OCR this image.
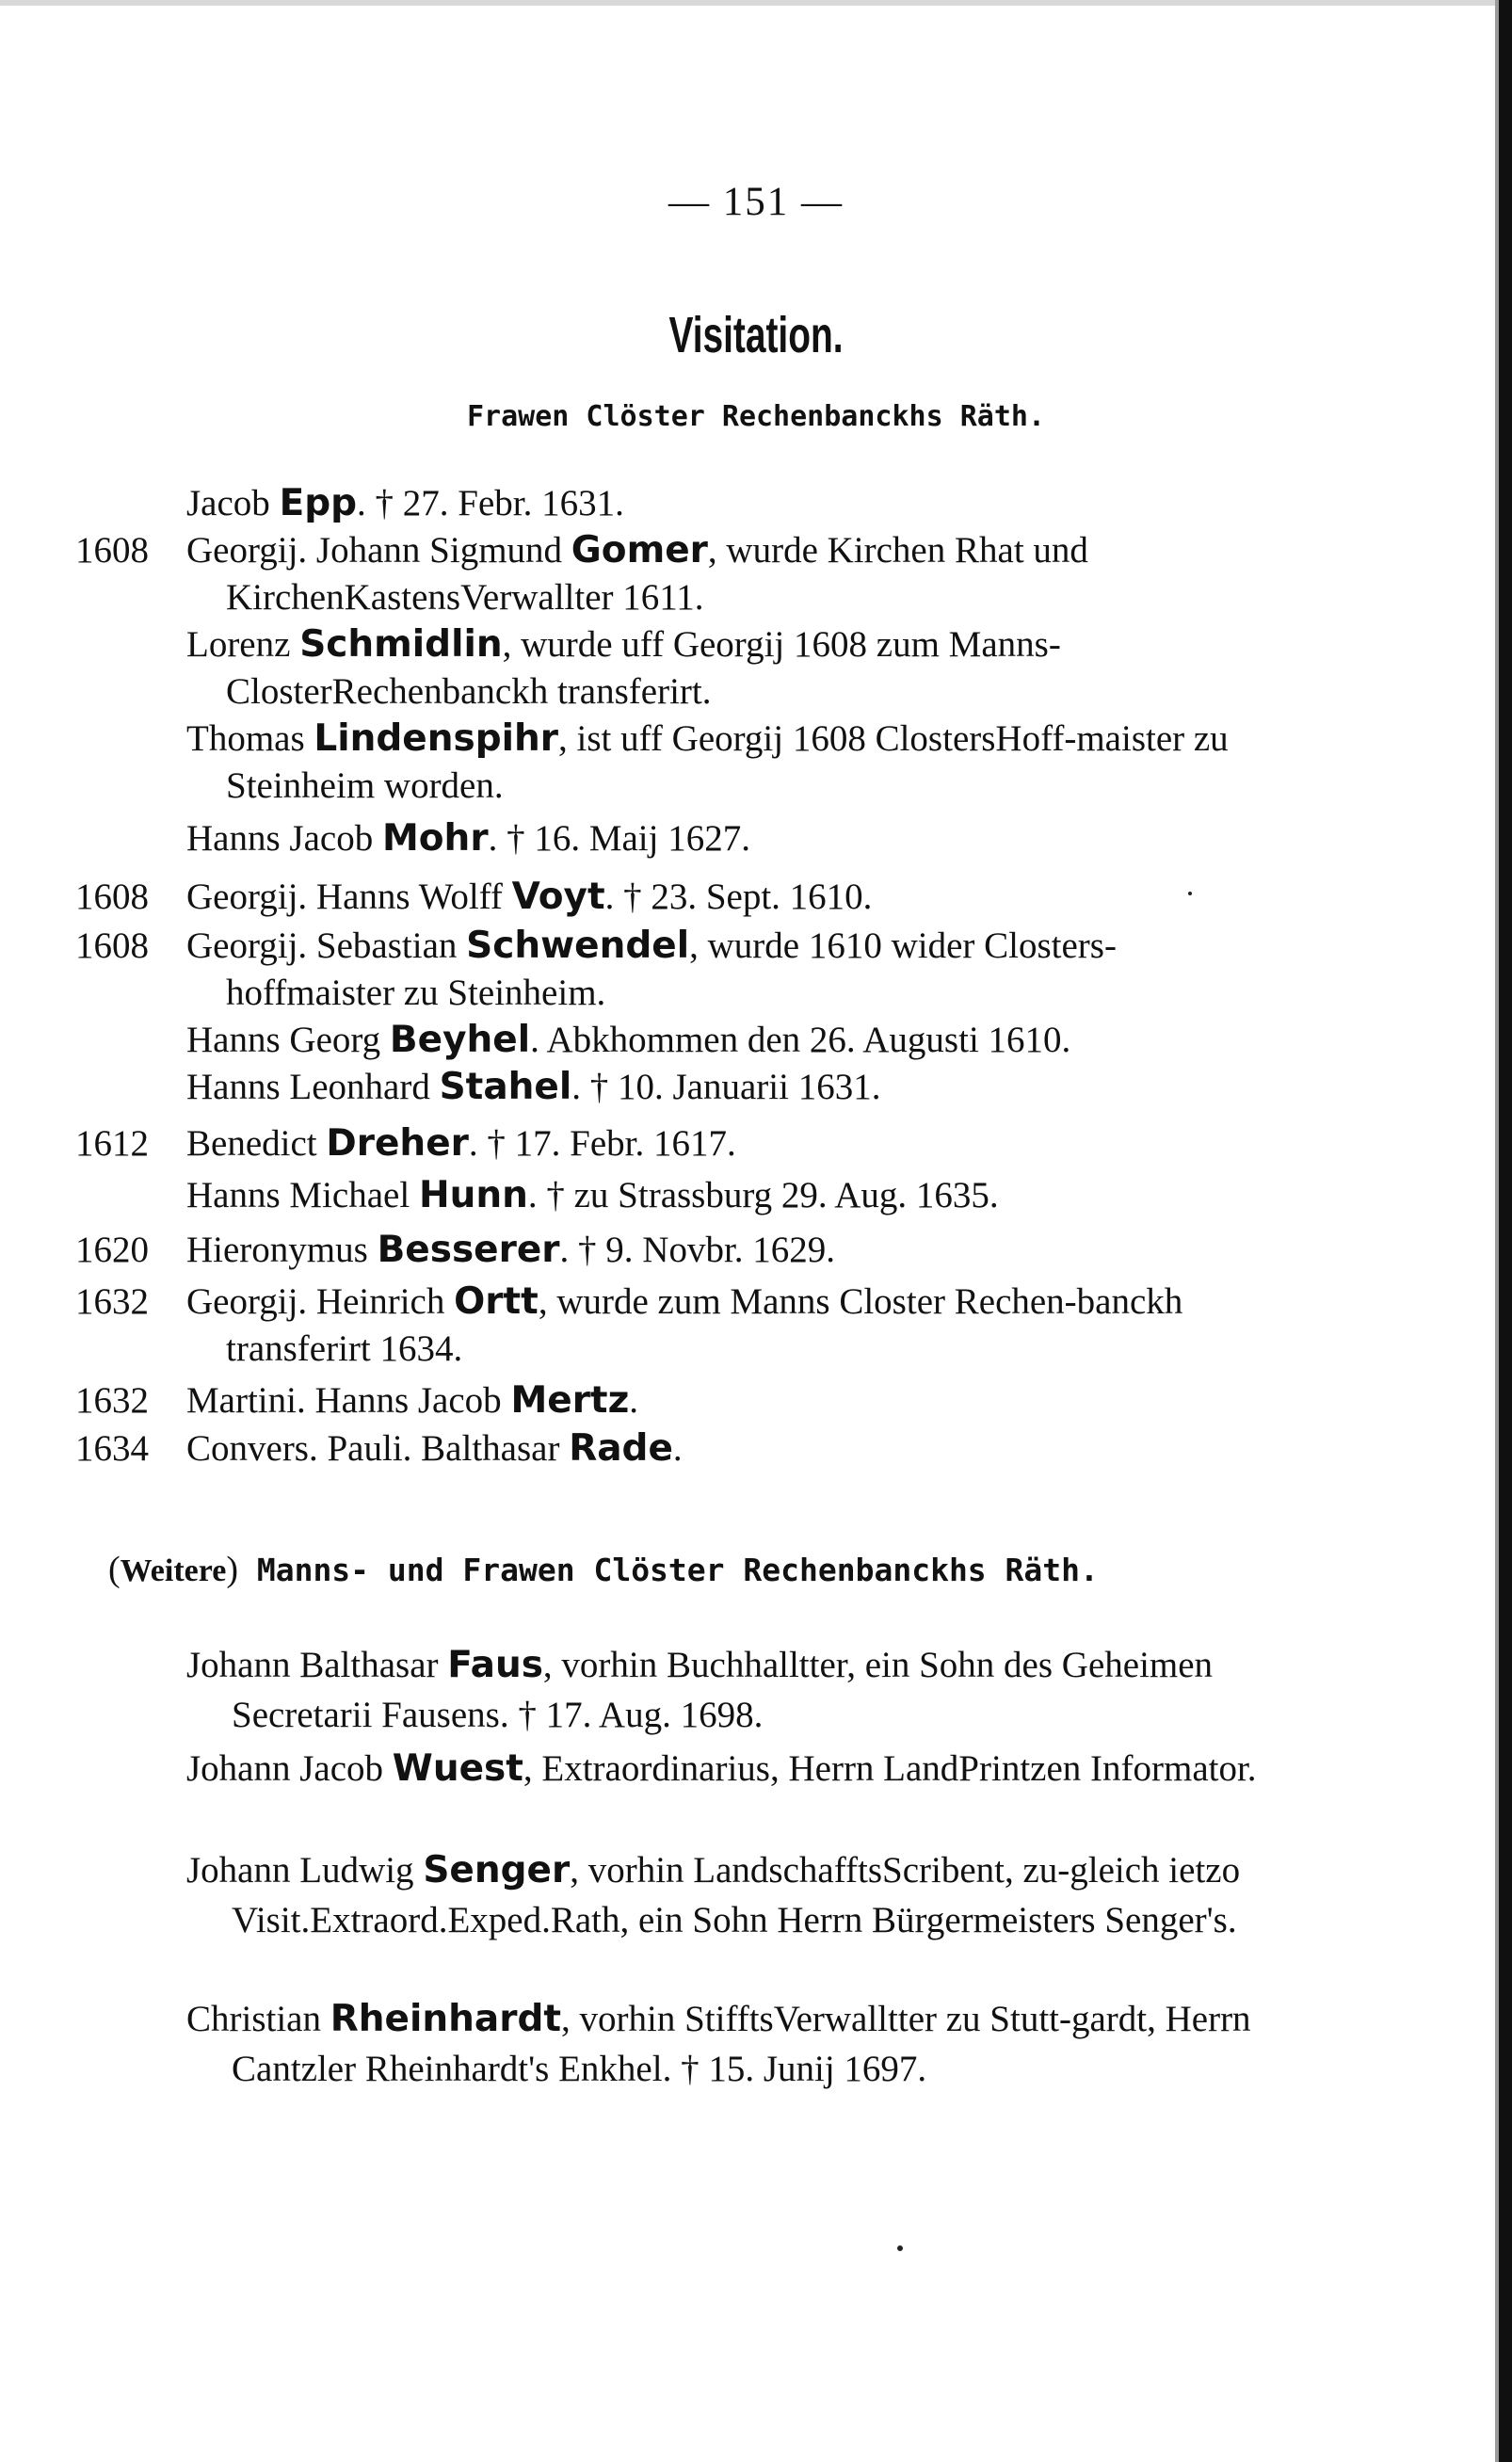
— 151 —
Visitation.
Frawen Clöster Rechenbanckhs Räth.
Jacob Epp. † 27. Febr. 1631.
1608	Georgij. Johann Sigmund Gomer, wurde Kirchen Rhat und KirchenKastensVerwallter 1611.
Lorenz Schmidlin, wurde uff Georgij 1608 zum Manns-ClosterRechenbanckh transferirt.
Thomas Lindenspihr, ist uff Georgij 1608 ClostersHoff-maister zu Steinheim worden.
Hanns Jacob Mohr. † 16. Maij 1627.
1608	Georgij. Hanns Wolff Voyt. † 23. Sept. 1610.
1608	Georgij. Sebastian Schwendel, wurde 1610 wider Closters-hoffmaister zu Steinheim.
Hanns Georg Beyhel. Abkhommen den 26. Augusti 1610.
Hanns Leonhard Stahel. † 10. Januarii 1631.
1612	Benedict Dreher. † 17. Febr. 1617.
Hanns Michael Hunn. † zu Strassburg 29. Aug. 1635.
1620	Hieronymus Besserer. † 9. Novbr. 1629.
1632	Georgij. Heinrich Ortt, wurde zum Manns Closter Rechen-banckh transferirt 1634.
1632	Martini. Hanns Jacob Mertz.
1634	Convers. Pauli. Balthasar Rade.
(Weitere) Manns- und Frawen Clöster Rechenbanckhs Räth.
Johann Balthasar Faus, vorhin Buchhalltter, ein Sohn des Geheimen Secretarii Fausens. † 17. Aug. 1698.
Johann Jacob Wuest, Extraordinarius, Herrn LandPrintzen Informator.
Johann Ludwig Senger, vorhin LandschafftsScribent, zu-gleich ietzo Visit.Extraord.Exped.Rath, ein Sohn Herrn Bürgermeisters Senger's.
Christian Rheinhardt, vorhin StifftsVerwalltter zu Stutt-gardt, Herrn Cantzler Rheinhardt's Enkhel. † 15. Junij 1697.
